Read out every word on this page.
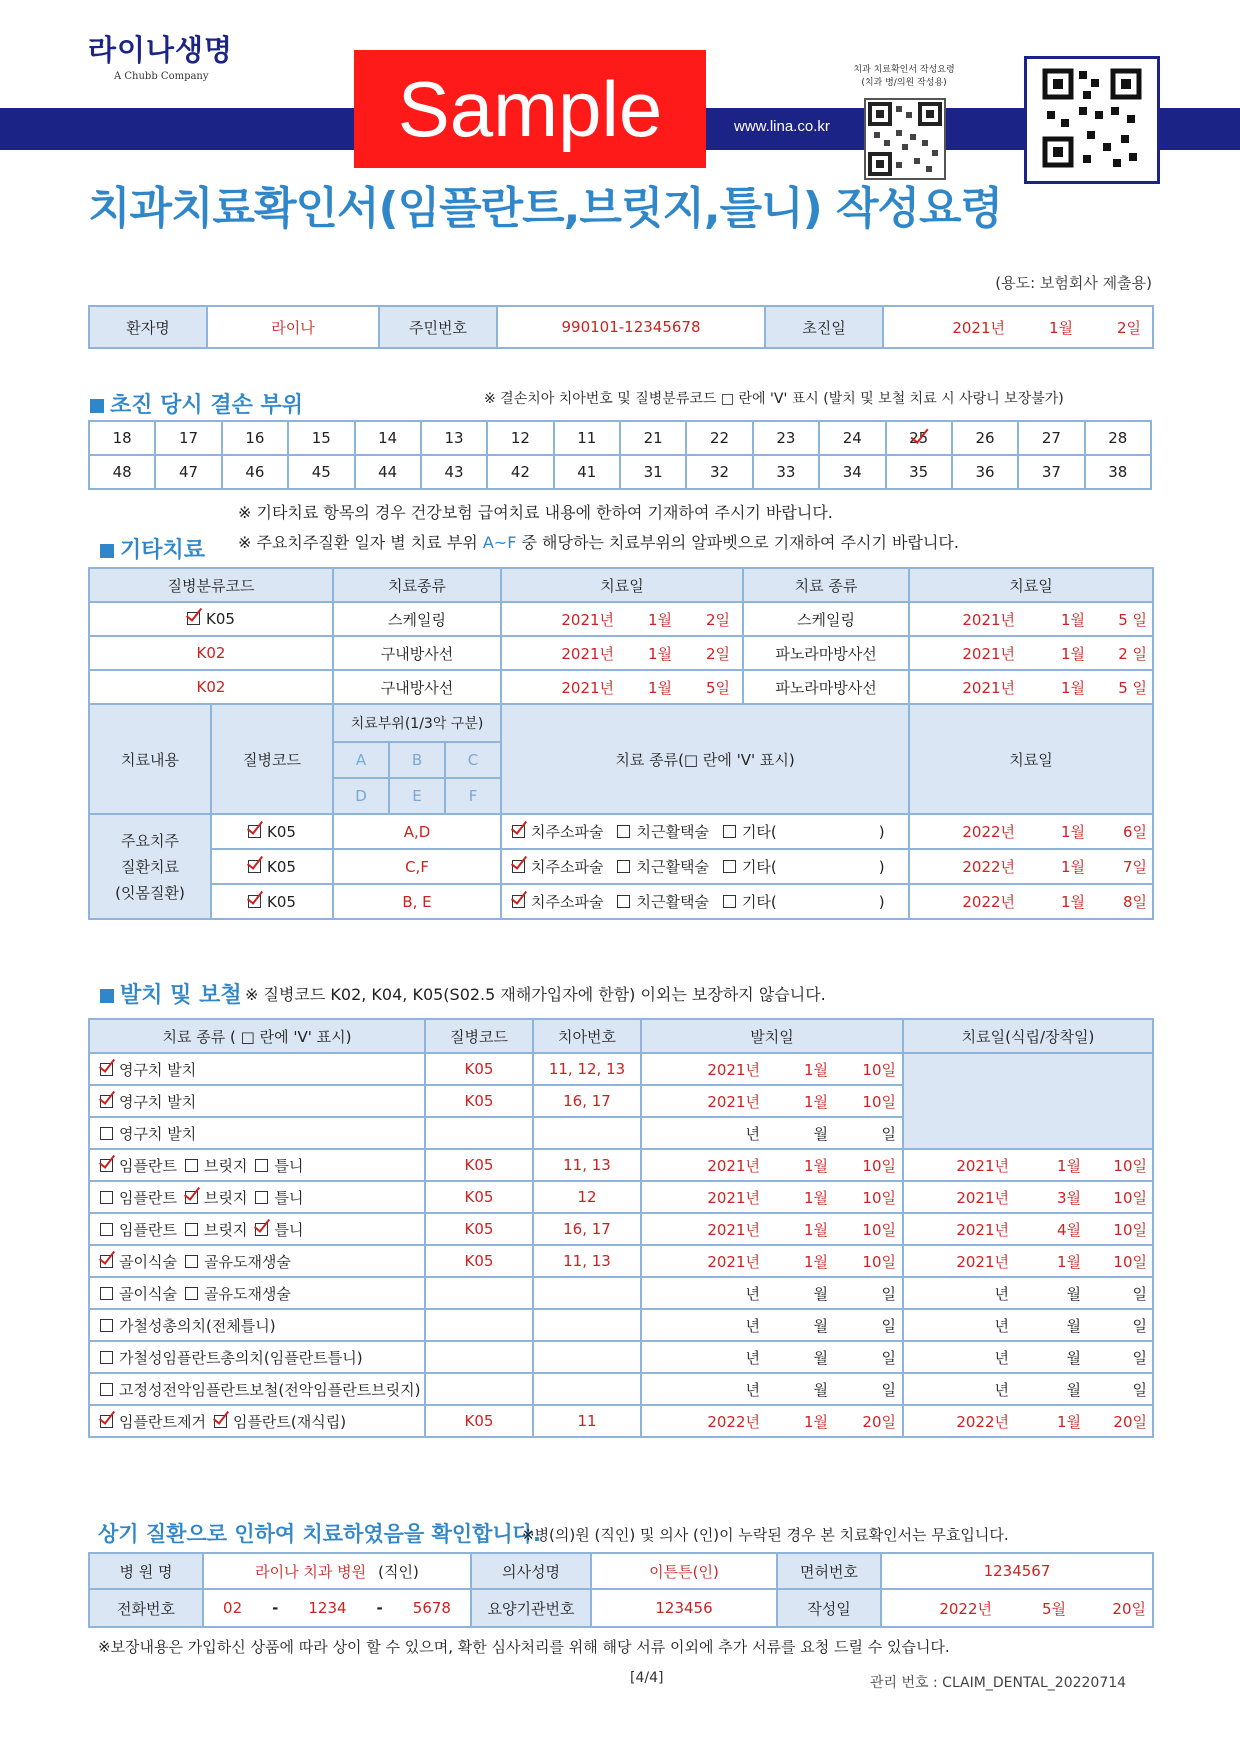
라이나생명
A Chubb Company	Sample	www.lina.co.kr
치과 치료확인서 작성요령 (치과 병/의원 작성용)
치과치료확인서(임플란트,브릿지,틀니) 작성요령
(용도: 보험회사 제출용)
환자명	라이나	주민번호	990101-12345678	초진일	2021년	1월	2일
초진 당시 결손 부위	※ 결손치아 치아번호 및 질병분류코드 □ 란에 'V' 표시 (발치 및 보철 치료 시 사랑니 보장불가)
18	17	16	15	14	13	12	11	21	22	23	24	25	26	27	28
48	47	46	45	44	43	42	41	31	32	33	34	35	36	37	38
※ 기타치료 항목의 경우 건강보험 급여치료 내용에 한하여 기재하여 주시기 바랍니다.
기타치료 ※ 주요치주질환 일자 별 치료 부위 A~F 중 해당하는 치료부위의 알파벳으로 기재하여 주시기 바랍니다.
질병분류코드		치료종류			치료일	치료 종류	치료일
K05		스케일링			2021년 1월 2일	스케일링	2021년 1월 5 일
K02		구내방사선			2021년 1월 2일	파노라마방사선	2021년 1월 2 일
K02		구내방사선			2021년 1월 5일	파노라마방사선	2021년 1월 5 일
치료내용	질병코드	치료부위(1/3악 구분)			치료 종류(□ 란에 'V' 표시)		치료일
		A	B	C			
		D	E	F			

주요치주
질환치료
(잇몸질환)	K05	A,D			치주소파술 치근활택술 기타( )		2022년 1월 6일
	K05	C,F			치주소파술 치근활택술 기타( )		2022년 1월 7일
	K05	B, E			치주소파술 치근활택술 기타( )		2022년 1월 8일
발치 및 보철 ※ 질병코드 K02, K04, K05(S02.5 재해가입자에 한함) 이외는 보장하지 않습니다.
치료 종류 ( □ 란에 'V' 표시)	질병코드	치아번호	발치일	치료일(식립/장착일)
영구치 발치	K05	11, 12, 13	2021년 1월 10일	
영구치 발치	K05	16, 17	2021년 1월 10일	
영구치 발치			년 월 일	
임플란트 브릿지 틀니	K05	11, 13	2021년 1월 10일	2021년 1월 10일
임플란트 브릿지 틀니	K05	12	2021년 1월 10일	2021년 3월 10일
임플란트 브릿지 틀니	K05	16, 17	2021년 1월 10일	2021년 4월 10일
골이식술 골유도재생술	K05	11, 13	2021년 1월 10일	2021년 1월 10일
골이식술 골유도재생술			년 월 일	년 월 일
가철성총의치(전체틀니)			년 월 일	년 월 일
가철성임플란트총의치(임플란트틀니)			년 월 일	년 월 일
고정성전악임플란트보철(전악임플란트브릿지)			년 월 일	년 월 일
임플란트제거 임플란트(재식립)	K05	11	2022년 1월 20일	2022년 1월 20일
상기 질환으로 인하여 치료하였음을 확인합니다.
※병(의)원 (직인) 및 의사 (인)이 누락된 경우 본 치료확인서는 무효입니다.
병 원 명	라이나 치과 병원 (직인)	의사성명	이튼튼(인)	면허번호	1234567
전화번호	02 - 1234 - 5678	요양기관번호	123456	작성일	2022년 5월 20일
※보장내용은 가입하신 상품에 따라 상이 할 수 있으며, 확한 심사처리를 위해 해당 서류 이외에 추가 서류를 요청 드릴 수 있습니다.
[4/4]	관리 번호 : CLAIM_DENTAL_20220714
